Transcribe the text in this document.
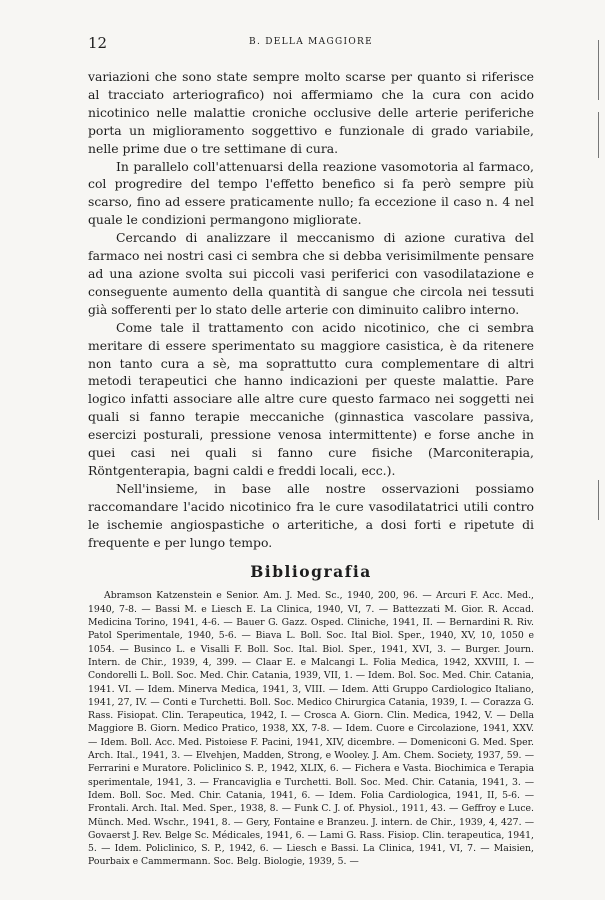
12	B. DELLA MAGGIORE

variazioni che sono state sempre molto scarse per quanto si riferisce al tracciato arteriografico) noi affermiamo che la cura con acido nicotinico nelle malattie croniche occlusive delle arterie periferiche porta un miglioramento soggettivo e funzionale di grado variabile, nelle prime due o tre settimane di cura.

In parallelo coll'attenuarsi della reazione vasomotoria al farmaco, col progredire del tempo l'effetto benefico si fa però sempre più scarso, fino ad essere praticamente nullo; fa eccezione il caso n. 4 nel quale le condizioni permangono migliorate.

Cercando di analizzare il meccanismo di azione curativa del farmaco nei nostri casi ci sembra che si debba verisimilmente pensare ad una azione svolta sui piccoli vasi periferici con vasodilatazione e conseguente aumento della quantità di sangue che circola nei tessuti già sofferenti per lo stato delle arterie con diminuito calibro interno.

Come tale il trattamento con acido nicotinico, che ci sembra meritare di essere sperimentato su maggiore casistica, è da ritenere non tanto cura a sè, ma soprattutto cura complementare di altri metodi terapeutici che hanno indicazioni per queste malattie. Pare logico infatti associare alle altre cure questo farmaco nei soggetti nei quali si fanno terapie meccaniche (ginnastica vascolare passiva, esercizi posturali, pressione venosa intermittente) e forse anche in quei casi nei quali si fanno cure fisiche (Marconiterapia, Röntgenterapia, bagni caldi e freddi locali, ecc.).

Nell'insieme, in base alle nostre osservazioni possiamo raccomandare l'acido nicotinico fra le cure vasodilatatrici utili contro le ischemie angiospastiche o arteritiche, a dosi forti e ripetute di frequente e per lungo tempo.

Bibliografia

Abramson Katzenstein e Senior. Am. J. Med. Sc., 1940, 200, 96. — Arcuri F. Acc. Med., 1940, 7-8. — Bassi M. e Liesch E. La Clinica, 1940, VI, 7. — Battezzati M. Gior. R. Accad. Medicina Torino, 1941, 4-6. — Bauer G. Gazz. Osped. Cliniche, 1941, II. — Bernardini R. Riv. Patol Sperimentale, 1940, 5-6. — Biava L. Boll. Soc. Ital Biol. Sper., 1940, XV, 10, 1050 e 1054. — Businco L. e Visalli F. Boll. Soc. Ital. Biol. Sper., 1941, XVI, 3. — Burger. Journ. Intern. de Chir., 1939, 4, 399. — Claar E. e Malcangi L. Folia Medica, 1942, XXVIII, I. — Condorelli L. Boll. Soc. Med. Chir. Catania, 1939, VII, 1. — Idem. Bol. Soc. Med. Chir. Catania, 1941. VI. — Idem. Minerva Medica, 1941, 3, VIII. — Idem. Atti Gruppo Cardiologico Italiano, 1941, 27, IV. — Conti e Turchetti. Boll. Soc. Medico Chirurgica Catania, 1939, I. — Corazza G. Rass. Fisiopat. Clin. Terapeutica, 1942, I. — Crosca A. Giorn. Clin. Medica, 1942, V. — Della Maggiore B. Giorn. Medico Pratico, 1938, XX, 7-8. — Idem. Cuore e Circolazione, 1941, XXV. — Idem. Boll. Acc. Med. Pistoiese F. Pacini, 1941, XIV, dicembre. — Domeniconi G. Med. Sper. Arch. Ital., 1941, 3. — Elvehjen, Madden, Strong, e Wooley. J. Am. Chem. Society, 1937, 59. — Ferrarini e Muratore. Policlinico S. P., 1942, XLIX, 6. — Fichera e Vasta. Biochimica e Terapia sperimentale, 1941, 3. — Francaviglia e Turchetti. Boll. Soc. Med. Chir. Catania, 1941, 3. — Idem. Boll. Soc. Med. Chir. Catania, 1941, 6. — Idem. Folia Cardiologica, 1941, II, 5-6. — Frontali. Arch. Ital. Med. Sper., 1938, 8. — Funk C. J. of. Physiol., 1911, 43. — Geffroy e Luce. Münch. Med. Wschr., 1941, 8. — Gery, Fontaine e Branzeu. J. intern. de Chir., 1939, 4, 427. — Govaerst J. Rev. Belge Sc. Médicales, 1941, 6. — Lami G. Rass. Fisiop. Clin. terapeutica, 1941, 5. — Idem. Policlinico, S. P., 1942, 6. — Liesch e Bassi. La Clinica, 1941, VI, 7. — Maisien, Pourbaix e Cammermann. Soc. Belg. Biologie, 1939, 5. —
